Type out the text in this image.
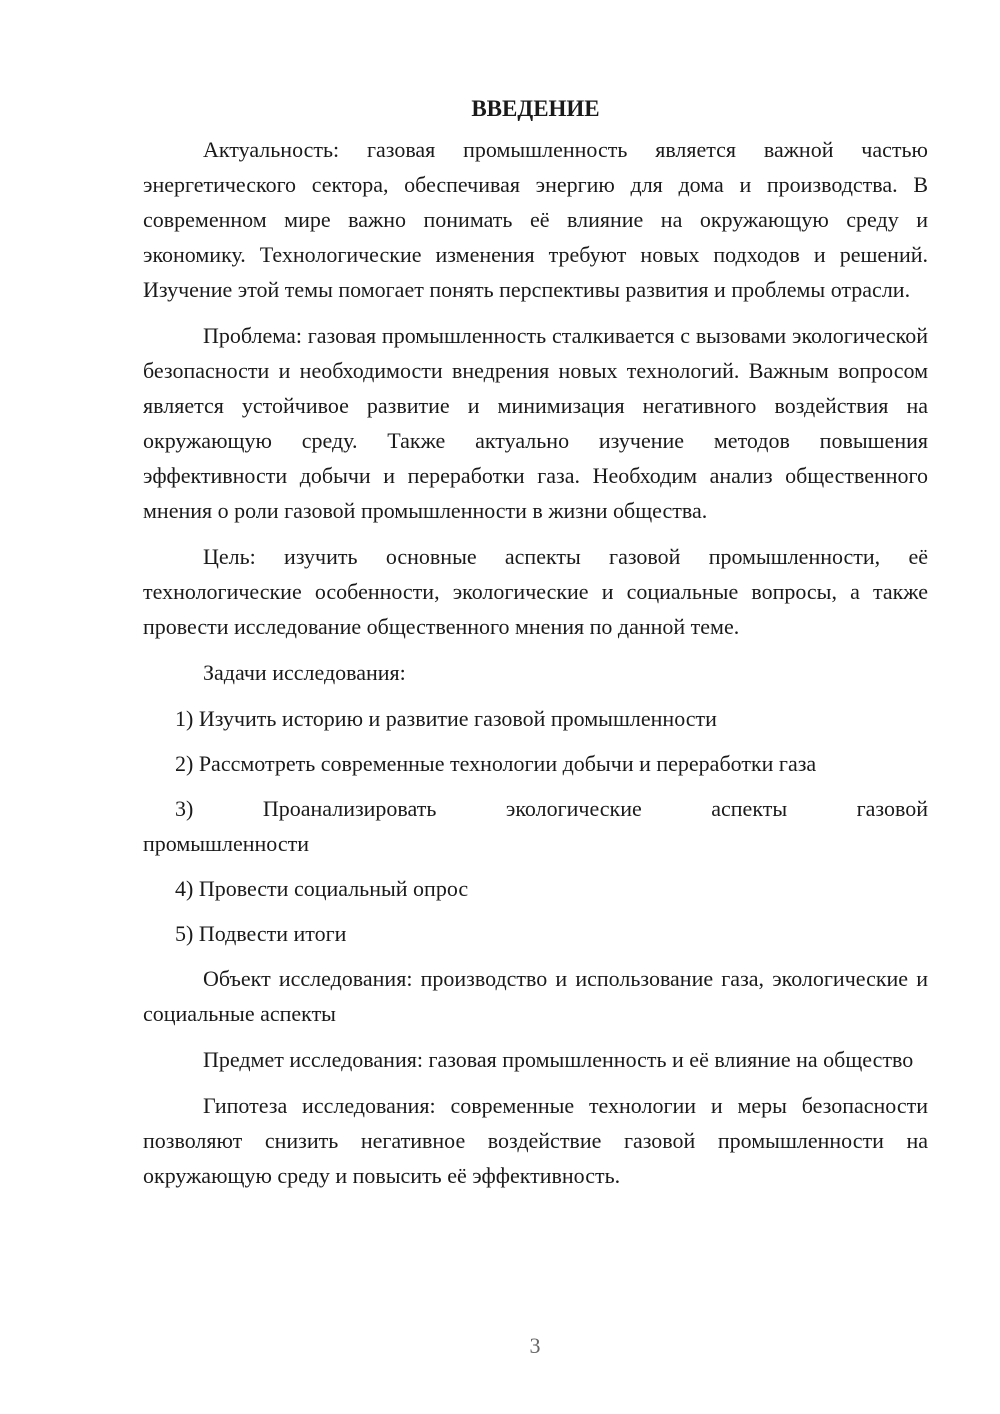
ВВЕДЕНИЕ

Актуальность: газовая промышленность является важной частью энергетического сектора, обеспечивая энергию для дома и производства. В современном мире важно понимать её влияние на окружающую среду и экономику. Технологические изменения требуют новых подходов и решений. Изучение этой темы помогает понять перспективы развития и проблемы отрасли.

Проблема: газовая промышленность сталкивается с вызовами экологической безопасности и необходимости внедрения новых технологий. Важным вопросом является устойчивое развитие и минимизация негативного воздействия на окружающую среду. Также актуально изучение методов повышения эффективности добычи и переработки газа. Необходим анализ общественного мнения о роли газовой промышленности в жизни общества.

Цель: изучить основные аспекты газовой промышленности, её технологические особенности, экологические и социальные вопросы, а также провести исследование общественного мнения по данной теме.

Задачи исследования:

1) Изучить историю и развитие газовой промышленности

2) Рассмотреть современные технологии добычи и переработки газа

3) Проанализировать экологические аспекты газовой промышленности

4) Провести социальный опрос

5) Подвести итоги

Объект исследования: производство и использование газа, экологические и социальные аспекты

Предмет исследования: газовая промышленность и её влияние на общество

Гипотеза исследования: современные технологии и меры безопасности позволяют снизить негативное воздействие газовой промышленности на окружающую среду и повысить её эффективность.

3
